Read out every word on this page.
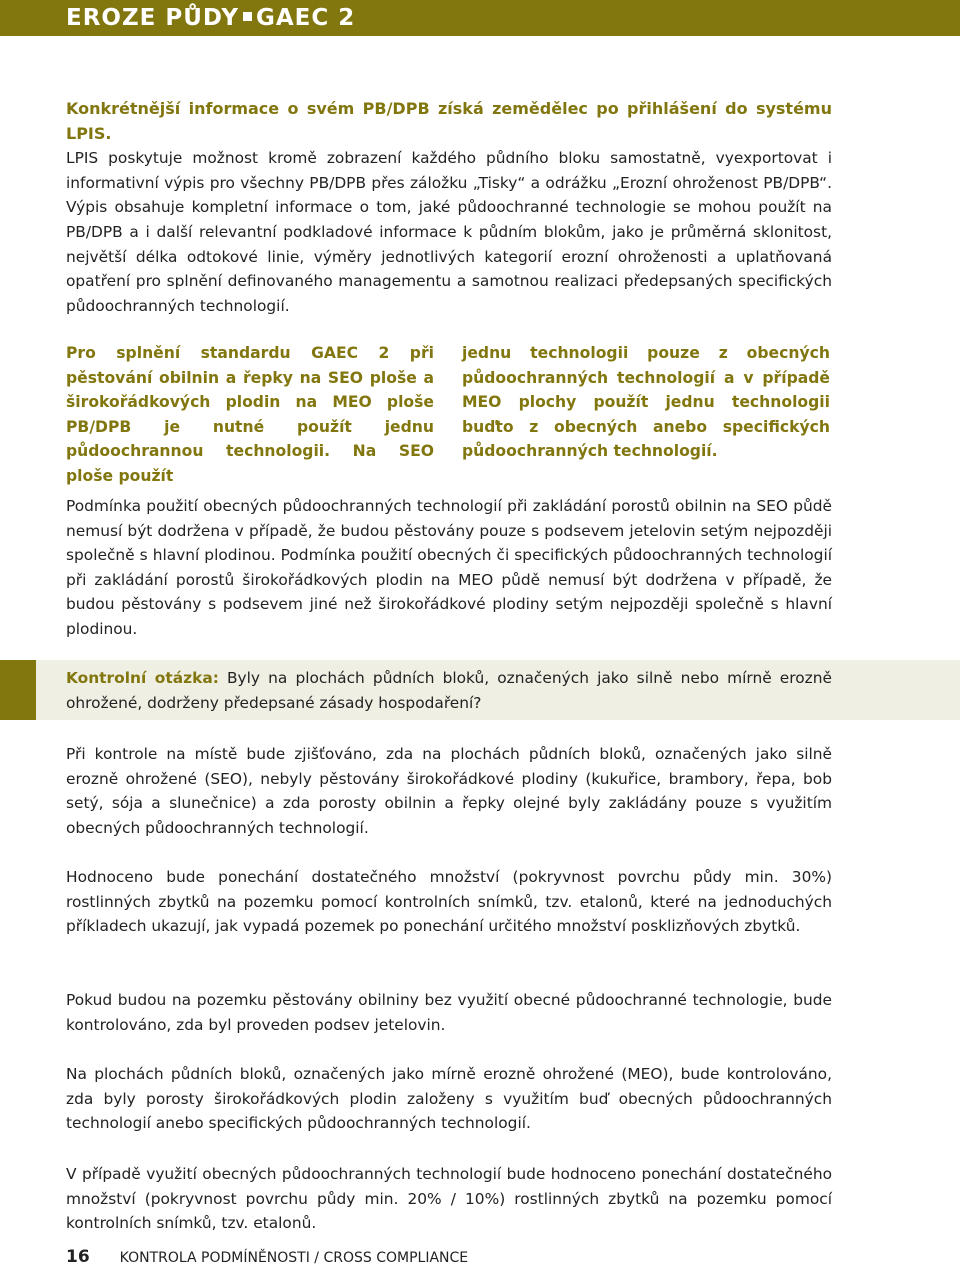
EROZE PŮDY GAEC 2

Konkrétnější informace o svém PB/DPB získá zemědělec po přihlášení do systému LPIS.

LPIS poskytuje možnost kromě zobrazení každého půdního bloku samostatně, vyexportovat i informativní výpis pro všechny PB/DPB přes záložku „Tisky“ a odrážku „Erozní ohroženost PB/DPB“. Výpis obsahuje kompletní informace o tom, jaké půdoochranné technologie se mohou použít na PB/DPB a i další relevantní podkladové informace k půdním blokům, jako je průměrná sklonitost, největší délka odtokové linie, výměry jednotlivých kategorií erozní ohroženosti a uplatňovaná opatření pro splnění definovaného managementu a samotnou realizaci předepsaných specifických půdoochranných technologií.

Pro splnění standardu GAEC 2 při pěstování obilnin a řepky na SEO ploše a širokořádkových plodin na MEO ploše PB/DPB je nutné použít jednu půdoochrannou technologii. Na SEO ploše použít

jednu technologii pouze z obecných půdoochranných technologií a v případě MEO plochy použít jednu technologii buďto z obecných anebo specifických půdoochranných technologií.

Podmínka použití obecných půdoochranných technologií při zakládání porostů obilnin na SEO půdě nemusí být dodržena v případě, že budou pěstovány pouze s podsevem jetelovin setým nejpozději společně s hlavní plodinou. Podmínka použití obecných či specifických půdoochranných technologií při zakládání porostů širokořádkových plodin na MEO půdě nemusí být dodržena v případě, že budou pěstovány s podsevem jiné než širokořádkové plodiny setým nejpozději společně s hlavní plodinou.

Kontrolní otázka: Byly na plochách půdních bloků, označených jako silně nebo mírně erozně ohrožené, dodrženy předepsané zásady hospodaření?

Při kontrole na místě bude zjišťováno, zda na plochách půdních bloků, označených jako silně erozně ohrožené (SEO), nebyly pěstovány širokořádkové plodiny (kukuřice, brambory, řepa, bob setý, sója a slunečnice) a zda porosty obilnin a řepky olejné byly zakládány pouze s využitím obecných půdoochranných technologií.

Hodnoceno bude ponechání dostatečného množství (pokryvnost povrchu půdy min. 30%) rostlinných zbytků na pozemku pomocí kontrolních snímků, tzv. etalonů, které na jednoduchých příkladech ukazují, jak vypadá pozemek po ponechání určitého množství posklizňových zbytků.

Pokud budou na pozemku pěstovány obilniny bez využití obecné půdoochranné technologie, bude kontrolováno, zda byl proveden podsev jetelovin.

Na plochách půdních bloků, označených jako mírně erozně ohrožené (MEO), bude kontrolováno, zda byly porosty širokořádkových plodin založeny s využitím buď obecných půdoochranných technologií anebo specifických půdoochranných technologií.

V případě využití obecných půdoochranných technologií bude hodnoceno ponechání dostatečného množství (pokryvnost povrchu půdy min. 20% / 10%) rostlinných zbytků na pozemku pomocí kontrolních snímků, tzv. etalonů.

16 KONTROLA PODMÍNĚNOSTI / CROSS COMPLIANCE
